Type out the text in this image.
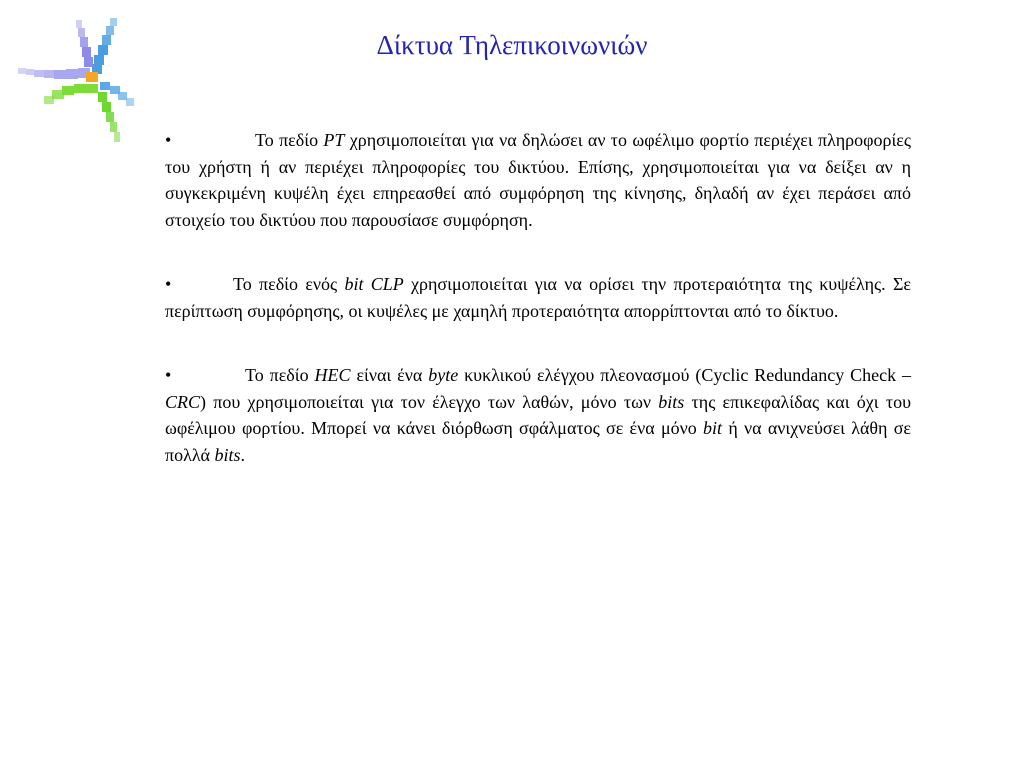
Δίκτυα Τηλεπικοινωνιών

•	Το πεδίο PT χρησιμοποιείται για να δηλώσει αν το ωφέλιμο φορτίο περιέχει πληροφορίες του χρήστη ή αν περιέχει πληροφορίες του δικτύου. Επίσης, χρησιμοποιείται για να δείξει αν η συγκεκριμένη κυψέλη έχει επηρεασθεί από συμφόρηση της κίνησης, δηλαδή αν έχει περάσει από στοιχείο του δικτύου που παρουσίασε συμφόρηση.

•	Το πεδίο ενός bit CLP χρησιμοποιείται για να ορίσει την προτεραιότητα της κυψέλης. Σε περίπτωση συμφόρησης, οι κυψέλες με χαμηλή προτεραιότητα απορρίπτονται από το δίκτυο.

•	Το πεδίο HEC είναι ένα byte κυκλικού ελέγχου πλεονασμού (Cyclic Redundancy Check – CRC) που χρησιμοποιείται για τον έλεγχο των λαθών, μόνο των bits της επικεφαλίδας και όχι του ωφέλιμου φορτίου. Μπορεί να κάνει διόρθωση σφάλματος σε ένα μόνο bit ή να ανιχνεύσει λάθη σε πολλά bits.
